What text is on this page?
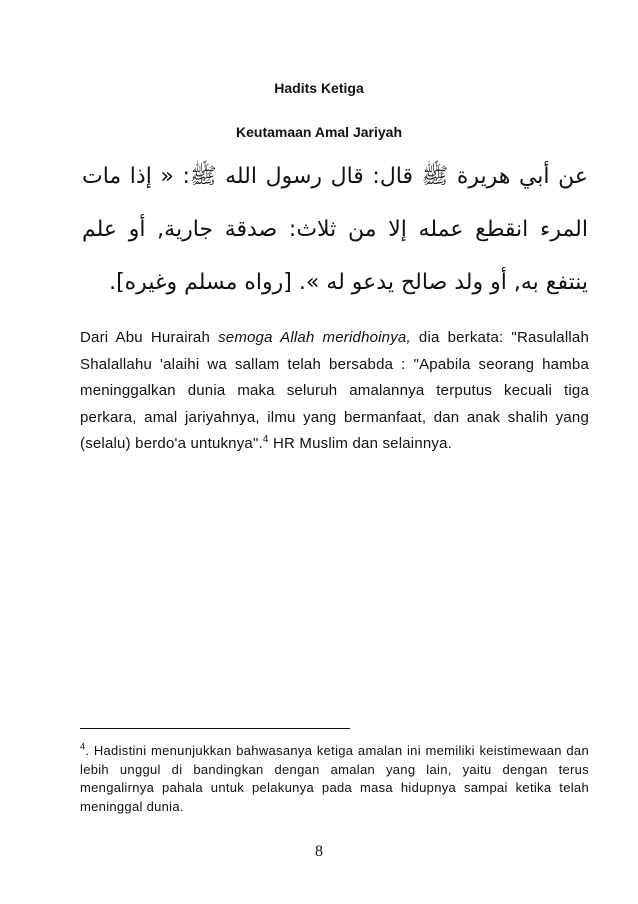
Hadits Ketiga
Keutamaan Amal Jariyah
عن أبي هريرة ﷺ قال: قال رسول الله ﷺ: « إذا مات المرء انقطع عمله إلا من ثلاث: صدقة جارية, أو علم ينتفع به, أو ولد صالح يدعو له ». [رواه مسلم وغيره].
Dari Abu Hurairah semoga Allah meridhoinya, dia berkata: "Rasulallah Shalallahu 'alaihi wa sallam telah bersabda : "Apabila seorang hamba meninggalkan dunia maka seluruh amalannya terputus kecuali tiga perkara, amal jariyahnya, ilmu yang bermanfaat, dan anak shalih yang (selalu) berdo'a untuknya".$^4$ HR Muslim dan selainnya.
$^4$. Hadistini menunjukkan bahwasanya ketiga amalan ini memiliki keistimewaan dan lebih unggul di bandingkan dengan amalan yang lain, yaitu dengan terus mengalirnya pahala untuk pelakunya pada masa hidupnya sampai ketika telah meninggal dunia.
8
